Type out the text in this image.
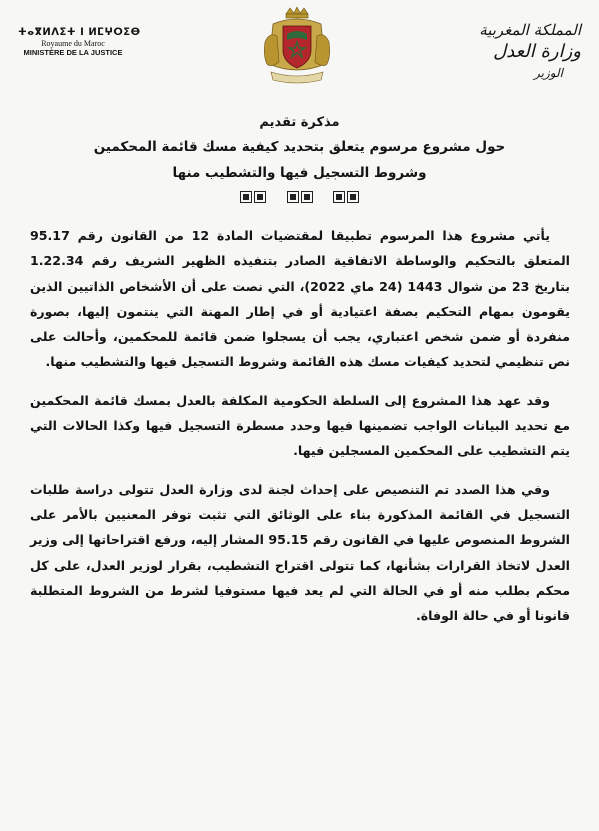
ⵜⴰⴳⵍⴷⵉⵜ ⵏ ⵍⵎⵖⵔⵉⴱ
Royaume du Maroc
MINISTÈRE DE LA JUSTICE
المملكة المغربية
وزارة العدل
الوزير
مذكرة تقديم
حول مشروع مرسوم يتعلق بتحديد كيفية مسك قائمة المحكمين
وشروط التسجيل فيها والتشطيب منها

يأتي مشروع هذا المرسوم تطبيقا لمقتضيات المادة 12 من القانون رقم 95.17 المتعلق بالتحكيم والوساطة الاتفاقية الصادر بتنفيذه الظهير الشريف رقم 1.22.34 بتاريخ 23 من شوال 1443 (24 ماي 2022)، التي نصت على أن الأشخاص الذاتيين الذين يقومون بمهام التحكيم بصفة اعتيادية أو في إطار المهنة التي ينتمون إليها، بصورة منفردة أو ضمن شخص اعتباري، يجب أن يسجلوا ضمن قائمة للمحكمين، وأحالت على نص تنظيمي لتحديد كيفيات مسك هذه القائمة وشروط التسجيل فيها والتشطيب منها.

وقد عهد هذا المشروع إلى السلطة الحكومية المكلفة بالعدل بمسك قائمة المحكمين مع تحديد البيانات الواجب تضمينها فيها وحدد مسطرة التسجيل فيها وكذا الحالات التي يتم التشطيب على المحكمين المسجلين فيها.

وفي هذا الصدد تم التنصيص على إحداث لجنة لدى وزارة العدل تتولى دراسة طلبات التسجيل في القائمة المذكورة بناء على الوثائق التي تثبت توفر المعنيين بالأمر على الشروط المنصوص عليها في القانون رقم 95.15 المشار إليه، ورفع اقتراحاتها إلى وزير العدل لاتخاذ القرارات بشأنها، كما تتولى اقتراح التشطيب، بقرار لوزير العدل، على كل محكم بطلب منه أو في الحالة التي لم يعد فيها مستوفيا لشرط من الشروط المتطلبة قانونا أو في حالة الوفاة.
